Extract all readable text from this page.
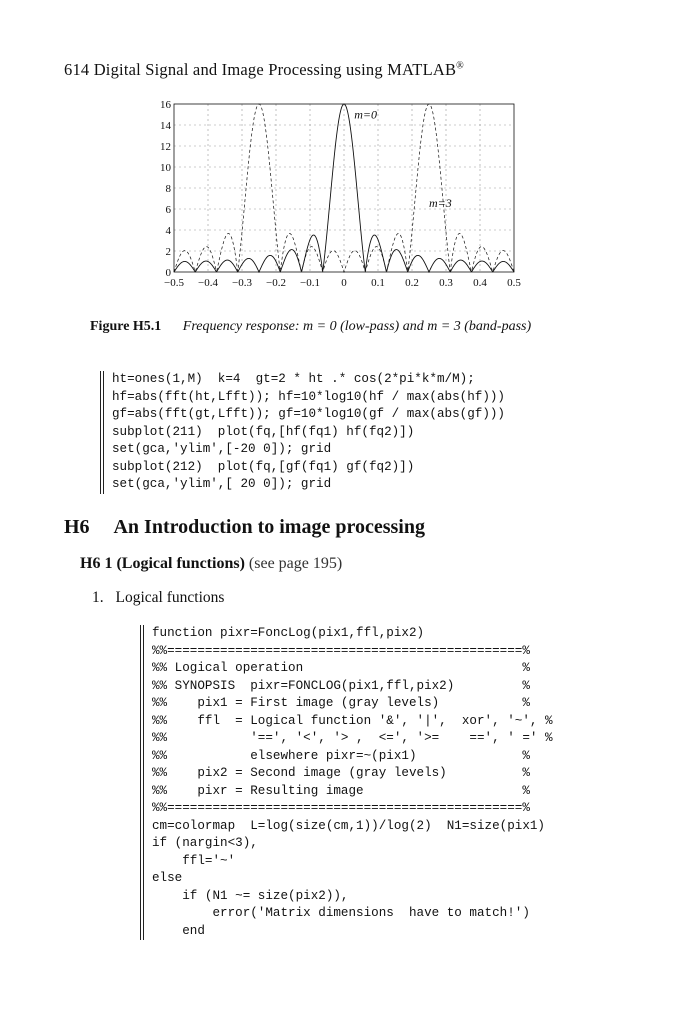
614 Digital Signal and Image Processing using MATLAB®
−0.5 −0.4 −0.3 −0.2 −0.1 0 0.1 0.2 0.3 0.4 0.5
0
2
4
6
8
10
12
14
16
m=0
m=3
Figure H5.1 Frequency response: m = 0 (low-pass) and m = 3 (band-pass)
ht=ones(1,M)  k=4  gt=2 * ht .* cos(2*pi*k*m/M);
hf=abs(fft(ht,Lfft)); hf=10*log10(hf / max(abs(hf)))
gf=abs(fft(gt,Lfft)); gf=10*log10(gf / max(abs(gf)))
subplot(211)  plot(fq,[hf(fq1) hf(fq2)])
set(gca,'ylim',[-20 0]); grid
subplot(212)  plot(fq,[gf(fq1) gf(fq2)])
set(gca,'ylim',[ 20 0]); grid
H6 An Introduction to image processing
H6 1 (Logical functions) (see page 195)
1. Logical functions
function pixr=FoncLog(pix1,ffl,pix2)
%%===============================================%
%% Logical operation                             %
%% SYNOPSIS  pixr=FONCLOG(pix1,ffl,pix2)         %
%%    pix1 = First image (gray levels)           %
%%    ffl  = Logical function '&', '|',  xor', '~', %
%%           '==', '<', '> ,  <=', '>=    ==', ' =' %
%%           elsewhere pixr=~(pix1)              %
%%    pix2 = Second image (gray levels)          %
%%    pixr = Resulting image                     %
%%===============================================%
cm=colormap  L=log(size(cm,1))/log(2)  N1=size(pix1)
if (nargin<3),
ffl='~'
else
if (N1 ~= size(pix2)),
error('Matrix dimensions  have to match!')
end
